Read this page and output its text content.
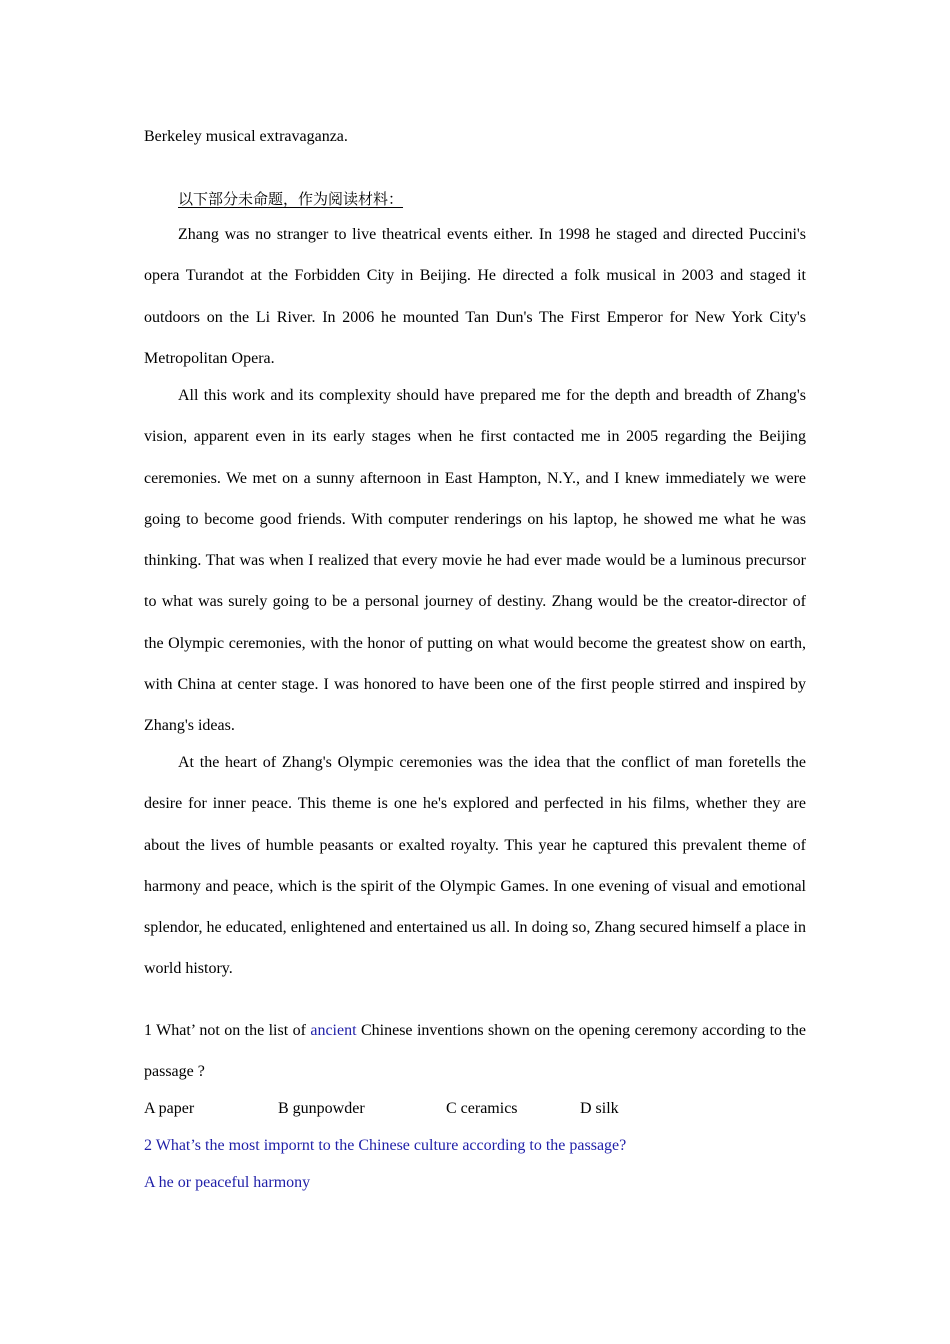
Berkeley musical extravaganza.
以下部分未命题，作为阅读材料：
Zhang was no stranger to live theatrical events either. In 1998 he staged and directed Puccini's opera Turandot at the Forbidden City in Beijing. He directed a folk musical in 2003 and staged it outdoors on the Li River. In 2006 he mounted Tan Dun's The First Emperor for New York City's Metropolitan Opera.
All this work and its complexity should have prepared me for the depth and breadth of Zhang's vision, apparent even in its early stages when he first contacted me in 2005 regarding the Beijing ceremonies. We met on a sunny afternoon in East Hampton, N.Y., and I knew immediately we were going to become good friends. With computer renderings on his laptop, he showed me what he was thinking. That was when I realized that every movie he had ever made would be a luminous precursor to what was surely going to be a personal journey of destiny. Zhang would be the creator-director of the Olympic ceremonies, with the honor of putting on what would become the greatest show on earth, with China at center stage. I was honored to have been one of the first people stirred and inspired by Zhang's ideas.
At the heart of Zhang's Olympic ceremonies was the idea that the conflict of man foretells the desire for inner peace. This theme is one he's explored and perfected in his films, whether they are about the lives of humble peasants or exalted royalty. This year he captured this prevalent theme of harmony and peace, which is the spirit of the Olympic Games. In one evening of visual and emotional splendor, he educated, enlightened and entertained us all. In doing so, Zhang secured himself a place in world history.
1 What’ not on the list of ancient Chinese inventions shown on the opening ceremony according to the passage ?
A paper	B gunpowder	C ceramics	D silk
2 What’s the most impornt to the Chinese culture according to the passage?
A he or peaceful harmony
